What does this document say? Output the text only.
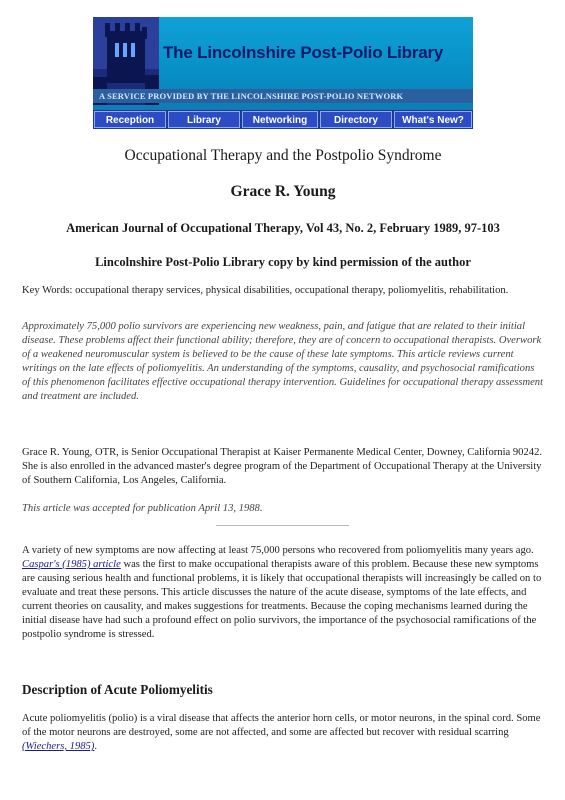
The Lincolnshire Post-Polio Library
A SERVICE PROVIDED BY THE LINCOLNSHIRE POST-POLIO NETWORK
Reception	Library	Networking	Directory	What's New?
Occupational Therapy and the Postpolio Syndrome
Grace R. Young
American Journal of Occupational Therapy, Vol 43, No. 2, February 1989, 97-103
Lincolnshire Post-Polio Library copy by kind permission of the author
Key Words: occupational therapy services, physical disabilities, occupational therapy, poliomyelitis, rehabilitation.
Approximately 75,000 polio survivors are experiencing new weakness, pain, and fatigue that are related to their initial disease. These problems affect their functional ability; therefore, they are of concern to occupational therapists. Overwork of a weakened neuromuscular system is believed to be the cause of these late symptoms. This article reviews current writings on the late effects of poliomyelitis. An understanding of the symptoms, causality, and psychosocial ramifications of this phenomenon facilitates effective occupational therapy intervention. Guidelines for occupational therapy assessment and treatment are included.
Grace R. Young, OTR, is Senior Occupational Therapist at Kaiser Permanente Medical Center, Downey, California 90242. She is also enrolled in the advanced master's degree program of the Department of Occupational Therapy at the University of Southern California, Los Angeles, California.
This article was accepted for publication April 13, 1988.
A variety of new symptoms are now affecting at least 75,000 persons who recovered from poliomyelitis many years ago. Caspar's (1985) article was the first to make occupational therapists aware of this problem. Because these new symptoms are causing serious health and functional problems, it is likely that occupational therapists will increasingly be called on to evaluate and treat these persons. This article discusses the nature of the acute disease, symptoms of the late effects, and current theories on causality, and makes suggestions for treatments. Because the coping mechanisms learned during the initial disease have had such a profound effect on polio survivors, the importance of the psychosocial ramifications of the postpolio syndrome is stressed.
Description of Acute Poliomyelitis
Acute poliomyelitis (polio) is a viral disease that affects the anterior horn cells, or motor neurons, in the spinal cord. Some of the motor neurons are destroyed, some are not affected, and some are affected but recover with residual scarring (Wiechers, 1985).
